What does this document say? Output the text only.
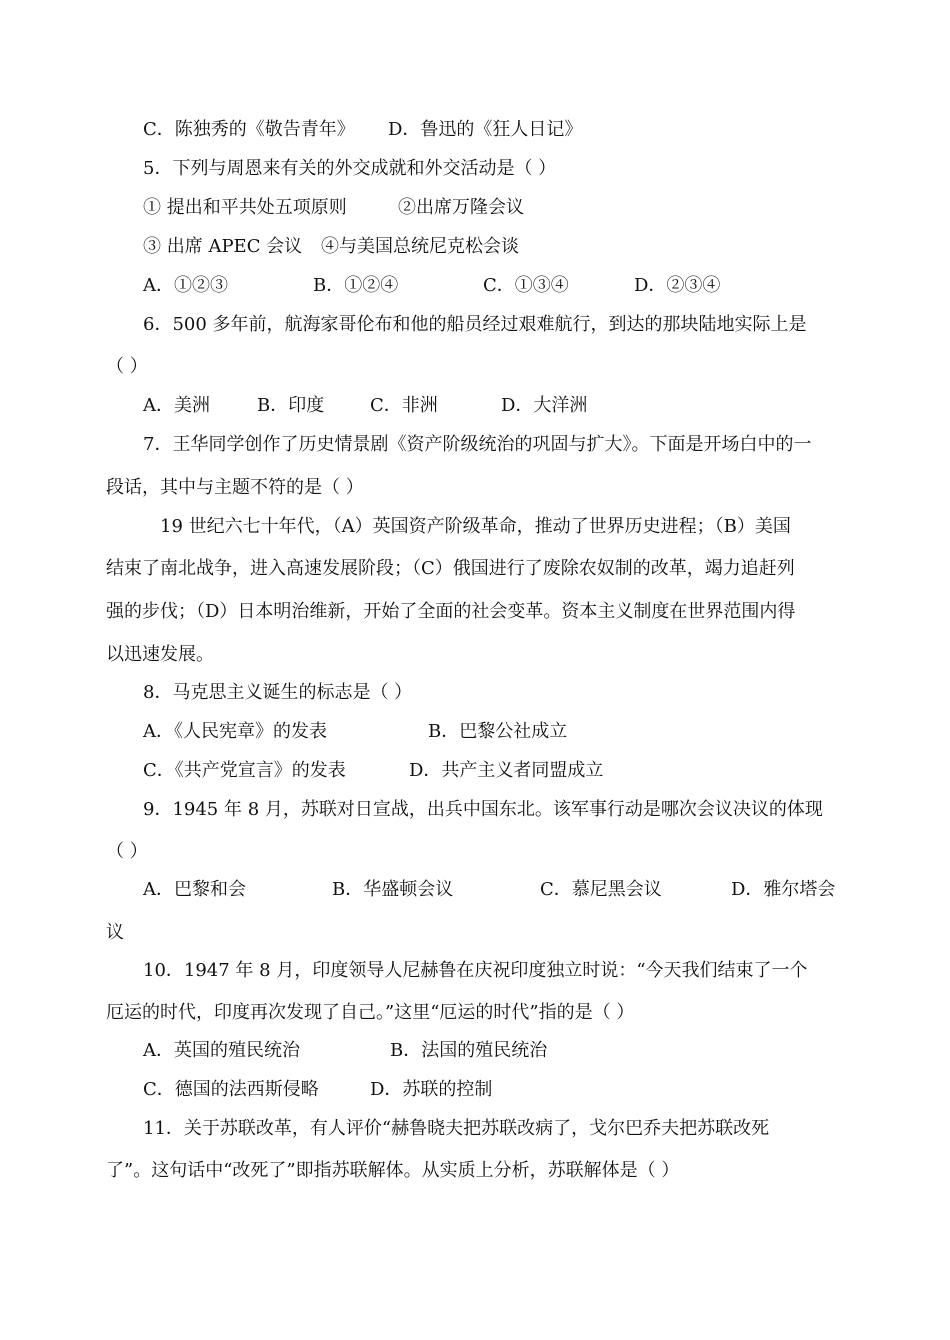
C．陈独秀的《敬告青年》 D．鲁迅的《狂人日记》
5．下列与周恩来有关的外交成就和外交活动是（ ）
① 提出和平共处五项原则	②出席万隆会议
③ 出席 APEC 会议 ④与美国总统尼克松会谈
A．①②③	B．①②④	C．①③④	D．②③④
6．500 多年前，航海家哥伦布和他的船员经过艰难航行，到达的那块陆地实际上是
（ ）
A．美洲	B．印度	C．非洲	D．大洋洲
7．王华同学创作了历史情景剧《资产阶级统治的巩固与扩大》。下面是开场白中的一
段话，其中与主题不符的是（ ）
19 世纪六七十年代，（A）英国资产阶级革命，推动了世界历史进程；（B）美国
结束了南北战争，进入高速发展阶段；（C）俄国进行了废除农奴制的改革，竭力追赶列
强的步伐；（D）日本明治维新，开始了全面的社会变革。资本主义制度在世界范围内得
以迅速发展。
8．马克思主义诞生的标志是（ ）
A．《人民宪章》的发表	B．巴黎公社成立
C．《共产党宣言》的发表	D．共产主义者同盟成立
9．1945 年 8 月，苏联对日宣战，出兵中国东北。该军事行动是哪次会议决议的体现
（ ）
A．巴黎和会	B．华盛顿会议	C．慕尼黑会议	D．雅尔塔会
议
10．1947 年 8 月，印度领导人尼赫鲁在庆祝印度独立时说：“今天我们结束了一个
厄运的时代，印度再次发现了自己。”这里“厄运的时代”指的是（ ）
A．英国的殖民统治	B．法国的殖民统治
C．德国的法西斯侵略	D．苏联的控制
11．关于苏联改革，有人评价“赫鲁晓夫把苏联改病了，戈尔巴乔夫把苏联改死
了”。这句话中“改死了”即指苏联解体。从实质上分析，苏联解体是（ ）
